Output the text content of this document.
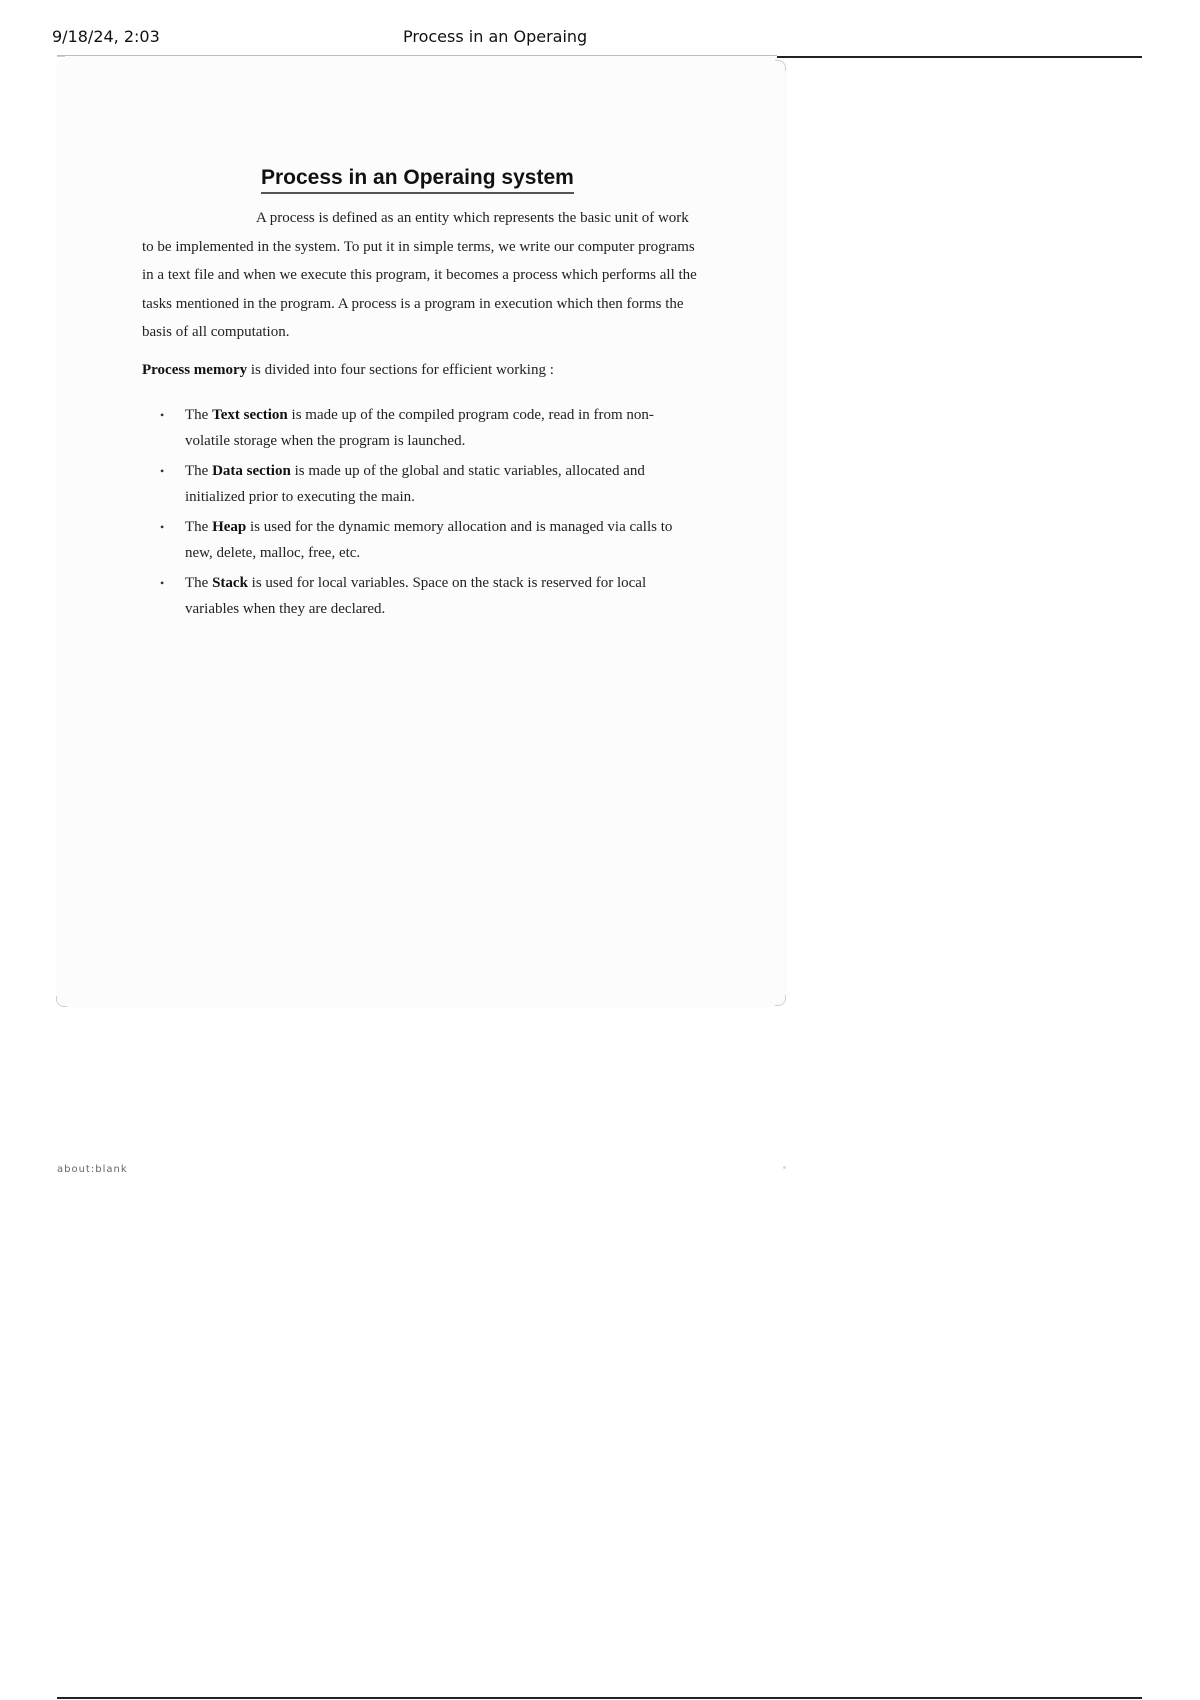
9/18/24, 2:03	Process in an Operaing
Process in an Operaing system

A process is defined as an entity which represents the basic unit of work to be implemented in the system. To put it in simple terms, we write our computer programs in a text file and when we execute this program, it becomes a process which performs all the tasks mentioned in the program. A process is a program in execution which then forms the basis of all computation.

Process memory is divided into four sections for efficient working :

• The Text section is made up of the compiled program code, read in from non-volatile storage when the program is launched.
• The Data section is made up of the global and static variables, allocated and initialized prior to executing the main.
• The Heap is used for the dynamic memory allocation and is managed via calls to new, delete, malloc, free, etc.
• The Stack is used for local variables. Space on the stack is reserved for local variables when they are declared.
about:blank
